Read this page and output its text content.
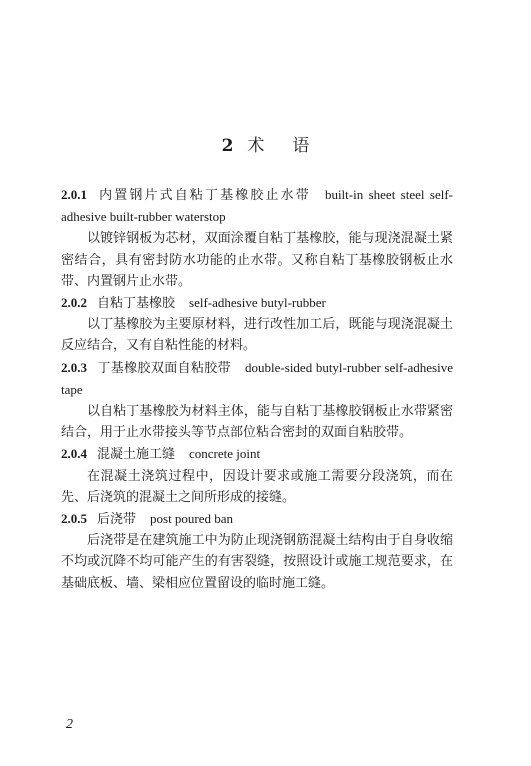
2 术 语
2.0.1 内置钢片式自粘丁基橡胶止水带 built-in sheet steel self-adhesive built-rubber waterstop
以镀锌钢板为芯材，双面涂覆自粘丁基橡胶，能与现浇混凝土紧密结合，具有密封防水功能的止水带。又称自粘丁基橡胶钢板止水带、内置钢片止水带。
2.0.2 自粘丁基橡胶 self-adhesive butyl-rubber
以丁基橡胶为主要原材料，进行改性加工后，既能与现浇混凝土反应结合，又有自粘性能的材料。
2.0.3 丁基橡胶双面自粘胶带 double-sided butyl-rubber self-adhesive tape
以自粘丁基橡胶为材料主体，能与自粘丁基橡胶钢板止水带紧密结合，用于止水带接头等节点部位粘合密封的双面自粘胶带。
2.0.4 混凝土施工缝 concrete joint
在混凝土浇筑过程中，因设计要求或施工需要分段浇筑，而在先、后浇筑的混凝土之间所形成的接缝。
2.0.5 后浇带 post poured ban
后浇带是在建筑施工中为防止现浇钢筋混凝土结构由于自身收缩不均或沉降不均可能产生的有害裂缝，按照设计或施工规范要求，在基础底板、墙、梁相应位置留设的临时施工缝。
2
